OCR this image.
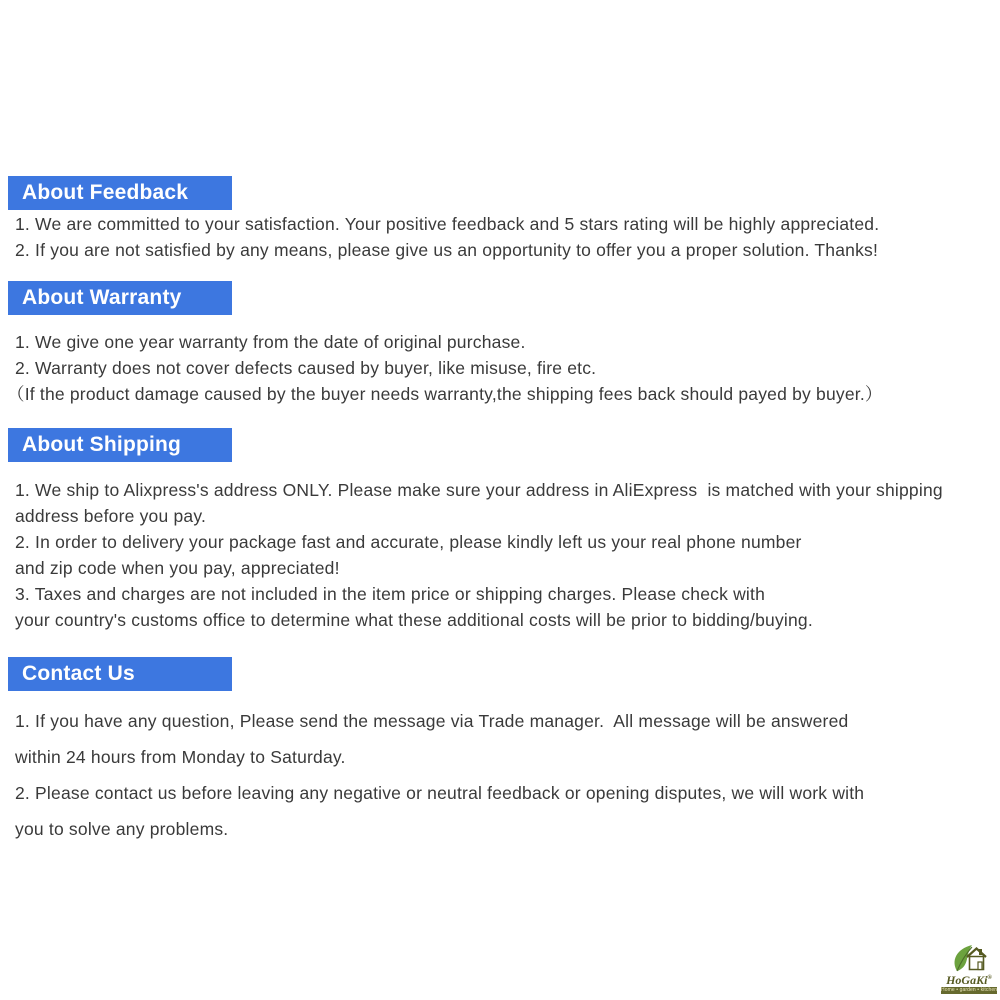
About Feedback
1. We are committed to your satisfaction. Your positive feedback and 5 stars rating will be highly appreciated.
2. If you are not satisfied by any means, please give us an opportunity to offer you a proper solution. Thanks!
About Warranty
1. We give one year warranty from the date of original purchase.
2. Warranty does not cover defects caused by buyer, like misuse, fire etc.
（If the product damage caused by the buyer needs warranty,the shipping fees back should payed by buyer.）
About Shipping
1. We ship to Alixpress's address ONLY. Please make sure your address in AliExpress  is matched with your shipping
address before you pay.
2. In order to delivery your package fast and accurate, please kindly left us your real phone number
and zip code when you pay, appreciated!
3. Taxes and charges are not included in the item price or shipping charges. Please check with
your country's customs office to determine what these additional costs will be prior to bidding/buying.
Contact Us
1. If you have any question, Please send the message via Trade manager.  All message will be answered
within 24 hours from Monday to Saturday.
2. Please contact us before leaving any negative or neutral feedback or opening disputes, we will work with
you to solve any problems.
HoGaKi®
Home • garden • kitchen
